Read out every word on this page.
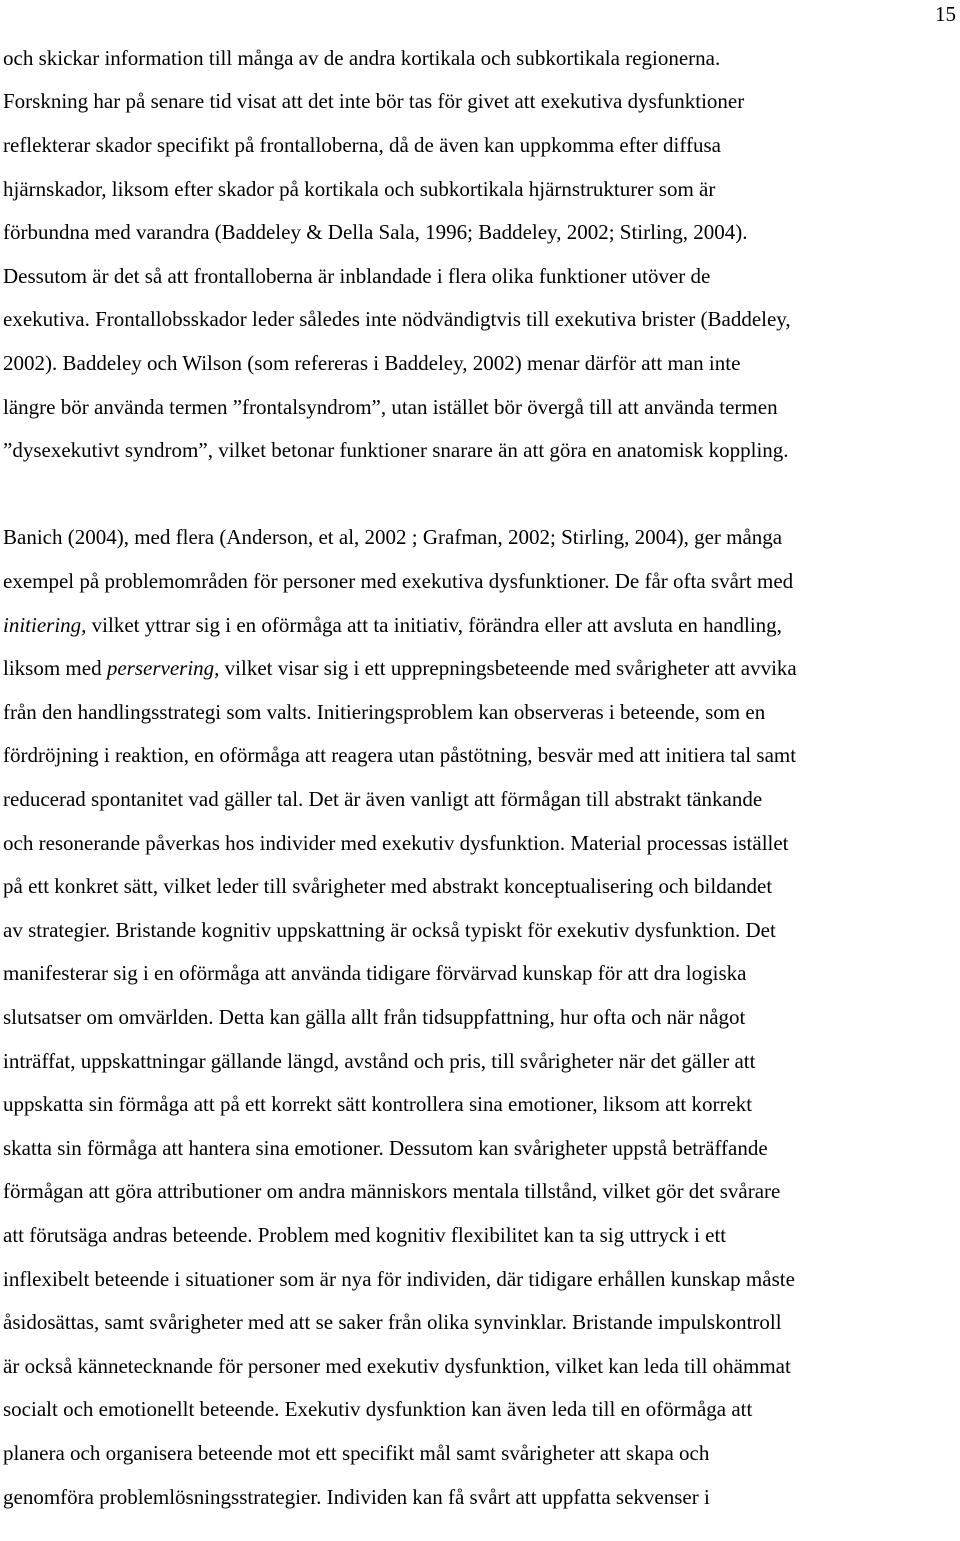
15
och skickar information till många av de andra kortikala och subkortikala regionerna.
Forskning har på senare tid visat att det inte bör tas för givet att exekutiva dysfunktioner
reflekterar skador specifikt på frontalloberna, då de även kan uppkomma efter diffusa
hjärnskador, liksom efter skador på kortikala och subkortikala hjärnstrukturer som är
förbundna med varandra (Baddeley & Della Sala, 1996; Baddeley, 2002; Stirling, 2004).
Dessutom är det så att frontalloberna är inblandade i flera olika funktioner utöver de
exekutiva. Frontallobsskador leder således inte nödvändigtvis till exekutiva brister (Baddeley,
2002). Baddeley och Wilson (som refereras i Baddeley, 2002) menar därför att man inte
längre bör använda termen ”frontalsyndrom”, utan istället bör övergå till att använda termen
”dysexekutivt syndrom”, vilket betonar funktioner snarare än att göra en anatomisk koppling.
Banich (2004), med flera (Anderson, et al, 2002 ; Grafman, 2002; Stirling, 2004), ger många
exempel på problemområden för personer med exekutiva dysfunktioner. De får ofta svårt med
initiering, vilket yttrar sig i en oförmåga att ta initiativ, förändra eller att avsluta en handling,
liksom med perservering, vilket visar sig i ett upprepningsbeteende med svårigheter att avvika
från den handlingsstrategi som valts. Initieringsproblem kan observeras i beteende, som en
fördröjning i reaktion, en oförmåga att reagera utan påstötning, besvär med att initiera tal samt
reducerad spontanitet vad gäller tal. Det är även vanligt att förmågan till abstrakt tänkande
och resonerande påverkas hos individer med exekutiv dysfunktion. Material processas istället
på ett konkret sätt, vilket leder till svårigheter med abstrakt konceptualisering och bildandet
av strategier. Bristande kognitiv uppskattning är också typiskt för exekutiv dysfunktion. Det
manifesterar sig i en oförmåga att använda tidigare förvärvad kunskap för att dra logiska
slutsatser om omvärlden. Detta kan gälla allt från tidsuppfattning, hur ofta och när något
inträffat, uppskattningar gällande längd, avstånd och pris, till svårigheter när det gäller att
uppskatta sin förmåga att på ett korrekt sätt kontrollera sina emotioner, liksom att korrekt
skatta sin förmåga att hantera sina emotioner. Dessutom kan svårigheter uppstå beträffande
förmågan att göra attributioner om andra människors mentala tillstånd, vilket gör det svårare
att förutsäga andras beteende. Problem med kognitiv flexibilitet kan ta sig uttryck i ett
inflexibelt beteende i situationer som är nya för individen, där tidigare erhållen kunskap måste
åsidosättas, samt svårigheter med att se saker från olika synvinklar. Bristande impulskontroll
är också kännetecknande för personer med exekutiv dysfunktion, vilket kan leda till ohämmat
socialt och emotionellt beteende. Exekutiv dysfunktion kan även leda till en oförmåga att
planera och organisera beteende mot ett specifikt mål samt svårigheter att skapa och
genomföra problemlösningsstrategier. Individen kan få svårt att uppfatta sekvenser i
